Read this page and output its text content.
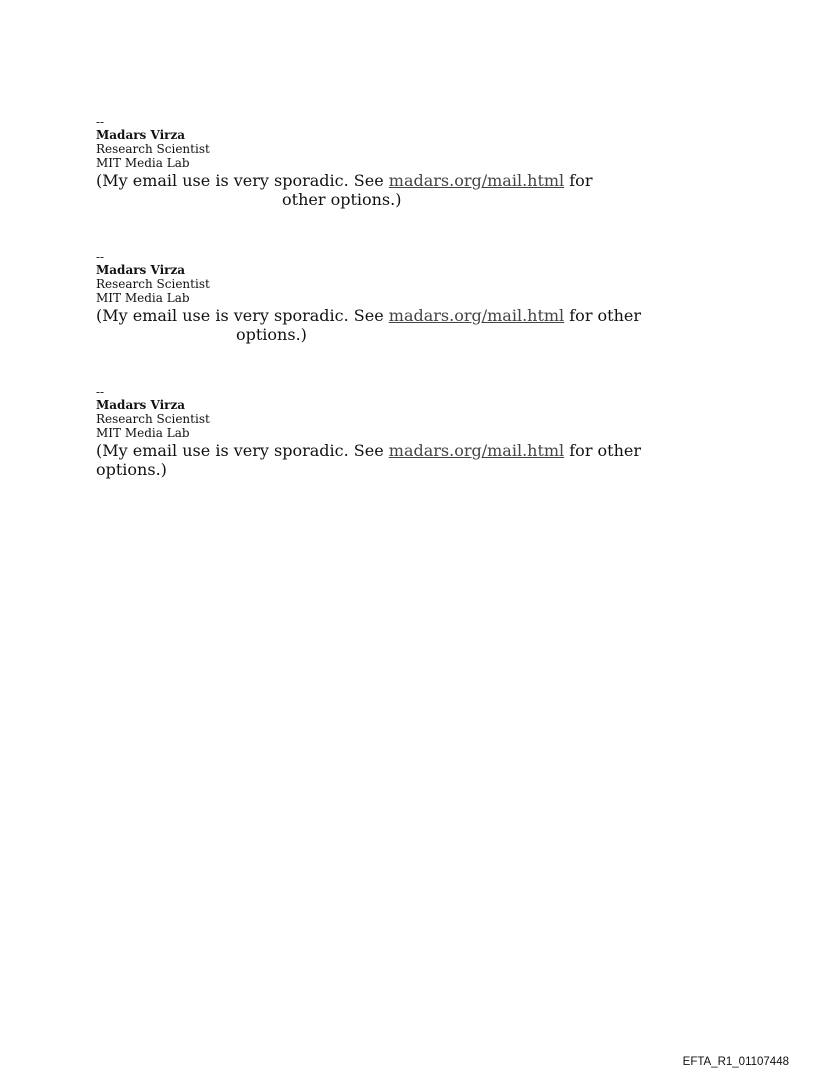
--
Madars Virza
Research Scientist
MIT Media Lab
(My email use is very sporadic. See madars.org/mail.html for
other options.)
--
Madars Virza
Research Scientist
MIT Media Lab
(My email use is very sporadic. See madars.org/mail.html for other
options.)
--
Madars Virza
Research Scientist
MIT Media Lab
(My email use is very sporadic. See madars.org/mail.html for other options.)
EFTA_R1_01107448
